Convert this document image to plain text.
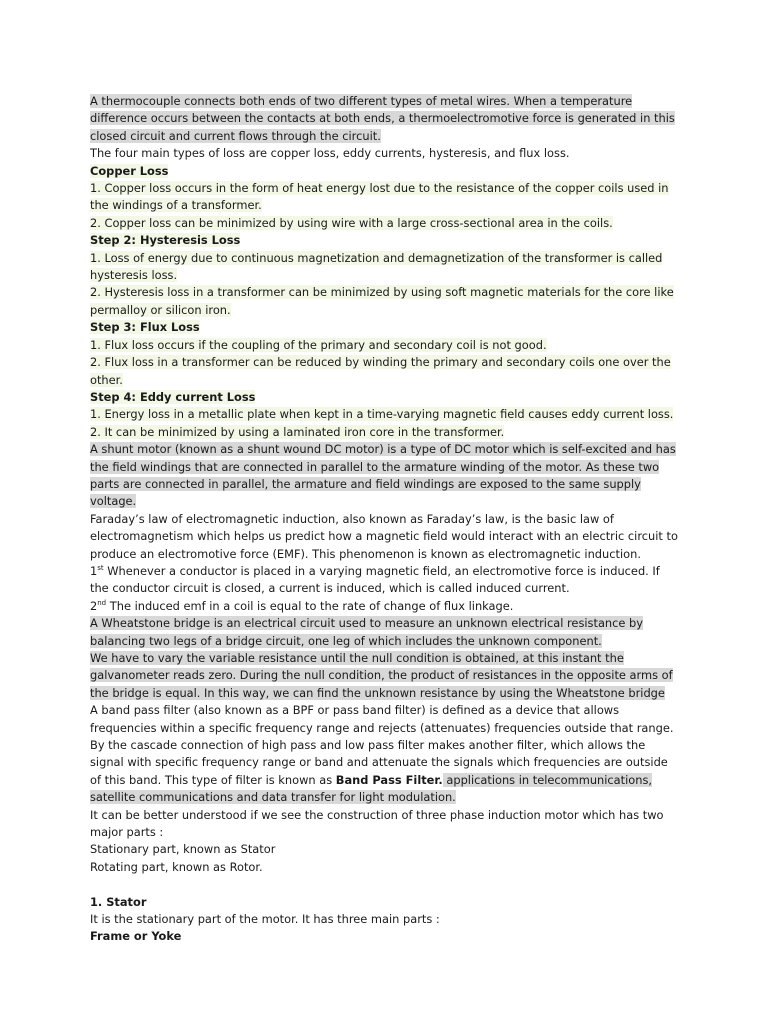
A thermocouple connects both ends of two different types of metal wires. When a temperature difference occurs between the contacts at both ends, a thermoelectromotive force is generated in this closed circuit and current flows through the circuit.

The four main types of loss are copper loss, eddy currents, hysteresis, and flux loss.

Copper Loss

1. Copper loss occurs in the form of heat energy lost due to the resistance of the copper coils used in the windings of a transformer.

2. Copper loss can be minimized by using wire with a large cross-sectional area in the coils.

Step 2: Hysteresis Loss

1. Loss of energy due to continuous magnetization and demagnetization of the transformer is called hysteresis loss.

2. Hysteresis loss in a transformer can be minimized by using soft magnetic materials for the core like permalloy or silicon iron.

Step 3: Flux Loss

1. Flux loss occurs if the coupling of the primary and secondary coil is not good.

2. Flux loss in a transformer can be reduced by winding the primary and secondary coils one over the other.

Step 4: Eddy current Loss

1. Energy loss in a metallic plate when kept in a time-varying magnetic field causes eddy current loss.

2. It can be minimized by using a laminated iron core in the transformer.

A shunt motor (known as a shunt wound DC motor) is a type of DC motor which is self-excited and has the field windings that are connected in parallel to the armature winding of the motor. As these two parts are connected in parallel, the armature and field windings are exposed to the same supply voltage.

Faraday’s law of electromagnetic induction, also known as Faraday’s law, is the basic law of electromagnetism which helps us predict how a magnetic field would interact with an electric circuit to produce an electromotive force (EMF). This phenomenon is known as electromagnetic induction.

1st Whenever a conductor is placed in a varying magnetic field, an electromotive force is induced. If the conductor circuit is closed, a current is induced, which is called induced current.

2nd The induced emf in a coil is equal to the rate of change of flux linkage.

A Wheatstone bridge is an electrical circuit used to measure an unknown electrical resistance by balancing two legs of a bridge circuit, one leg of which includes the unknown component.

We have to vary the variable resistance until the null condition is obtained, at this instant the galvanometer reads zero. During the null condition, the product of resistances in the opposite arms of the bridge is equal. In this way, we can find the unknown resistance by using the Wheatstone bridge

A band pass filter (also known as a BPF or pass band filter) is defined as a device that allows frequencies within a specific frequency range and rejects (attenuates) frequencies outside that range.

By the cascade connection of high pass and low pass filter makes another filter, which allows the signal with specific frequency range or band and attenuate the signals which frequencies are outside of this band. This type of filter is known as Band Pass Filter. applications in telecommunications, satellite communications and data transfer for light modulation.

It can be better understood if we see the construction of three phase induction motor which has two major parts :

Stationary part, known as Stator

Rotating part, known as Rotor.

1. Stator

It is the stationary part of the motor. It has three main parts :

Frame or Yoke
